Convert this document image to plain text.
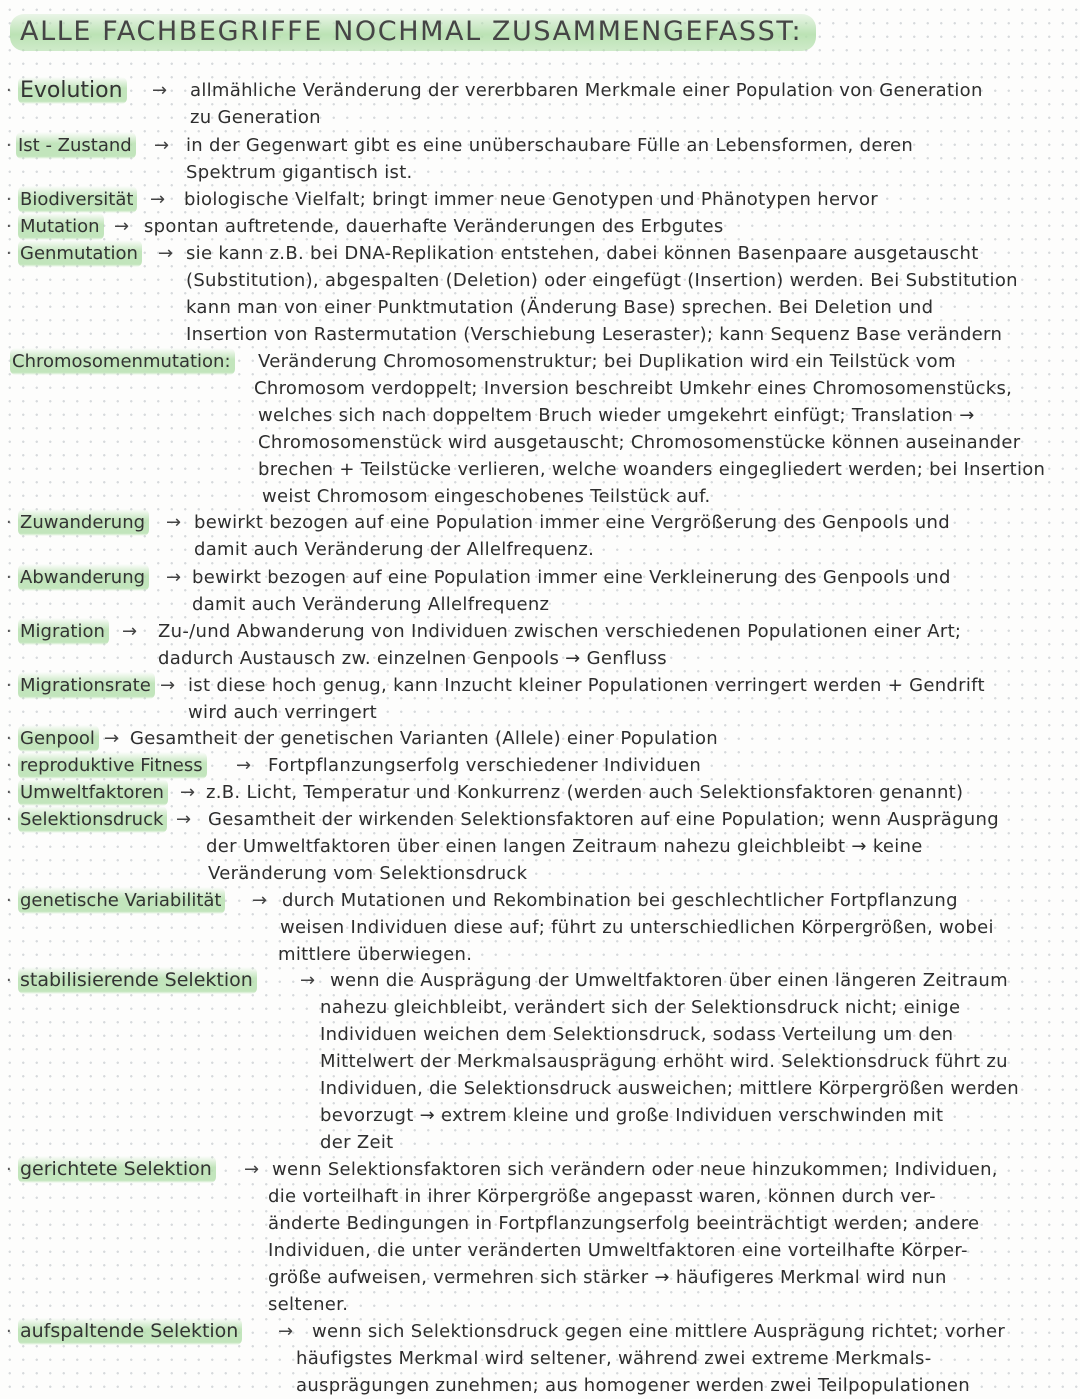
ALLE FACHBEGRIFFE NOCHMAL ZUSAMMENGEFASST:
· Evolution → allmähliche Veränderung der vererbbaren Merkmale einer Population von Generation
zu Generation
· Ist - Zustand → in der Gegenwart gibt es eine unüberschaubare Fülle an Lebensformen, deren
Spektrum gigantisch ist.
· Biodiversität → biologische Vielfalt; bringt immer neue Genotypen und Phänotypen hervor
· Mutation → spontan auftretende, dauerhafte Veränderungen des Erbgutes
· Genmutation → sie kann z.B. bei DNA-Replikation entstehen, dabei können Basenpaare ausgetauscht
(Substitution), abgespalten (Deletion) oder eingefügt (Insertion) werden. Bei Substitution
kann man von einer Punktmutation (Änderung Base) sprechen. Bei Deletion und
Insertion von Rastermutation (Verschiebung Leseraster); kann Sequenz Base verändern
Chromosomenmutation: Veränderung Chromosomenstruktur; bei Duplikation wird ein Teilstück vom
Chromosom verdoppelt; Inversion beschreibt Umkehr eines Chromosomenstücks,
welches sich nach doppeltem Bruch wieder umgekehrt einfügt; Translation →
Chromosomenstück wird ausgetauscht; Chromosomenstücke können auseinander
brechen + Teilstücke verlieren, welche woanders eingegliedert werden; bei Insertion
weist Chromosom eingeschobenes Teilstück auf.
· Zuwanderung → bewirkt bezogen auf eine Population immer eine Vergrößerung des Genpools und
damit auch Veränderung der Allelfrequenz.
· Abwanderung → bewirkt bezogen auf eine Population immer eine Verkleinerung des Genpools und
damit auch Veränderung Allelfrequenz
· Migration → Zu-/und Abwanderung von Individuen zwischen verschiedenen Populationen einer Art;
dadurch Austausch zw. einzelnen Genpools → Genfluss
· Migrationsrate → ist diese hoch genug, kann Inzucht kleiner Populationen verringert werden + Gendrift
wird auch verringert
· Genpool → Gesamtheit der genetischen Varianten (Allele) einer Population
· reproduktive Fitness → Fortpflanzungserfolg verschiedener Individuen
· Umweltfaktoren → z.B. Licht, Temperatur und Konkurrenz (werden auch Selektionsfaktoren genannt)
· Selektionsdruck → Gesamtheit der wirkenden Selektionsfaktoren auf eine Population; wenn Ausprägung
der Umweltfaktoren über einen langen Zeitraum nahezu gleichbleibt → keine
Veränderung vom Selektionsdruck
· genetische Variabilität → durch Mutationen und Rekombination bei geschlechtlicher Fortpflanzung
weisen Individuen diese auf; führt zu unterschiedlichen Körpergrößen, wobei
mittlere überwiegen.
· stabilisierende Selektion	→ wenn die Ausprägung der Umweltfaktoren über einen längeren Zeitraum
nahezu gleichbleibt, verändert sich der Selektionsdruck nicht; einige
Individuen weichen dem Selektionsdruck, sodass Verteilung um den
Mittelwert der Merkmalsausprägung erhöht wird. Selektionsdruck führt zu
Individuen, die Selektionsdruck ausweichen; mittlere Körpergrößen werden
bevorzugt → extrem kleine und große Individuen verschwinden mit
der Zeit
· gerichtete Selektion → wenn Selektionsfaktoren sich verändern oder neue hinzukommen; Individuen,
die vorteilhaft in ihrer Körpergröße angepasst waren, können durch ver-
änderte Bedingungen in Fortpflanzungserfolg beeinträchtigt werden; andere
Individuen, die unter veränderten Umweltfaktoren eine vorteilhafte Körper-
größe aufweisen, vermehren sich stärker → häufigeres Merkmal wird nun
seltener.
· aufspaltende Selektion → wenn sich Selektionsdruck gegen eine mittlere Ausprägung richtet; vorher
häufigstes Merkmal wird seltener, während zwei extreme Merkmals-
ausprägungen zunehmen; aus homogener werden zwei Teilpopulationen
